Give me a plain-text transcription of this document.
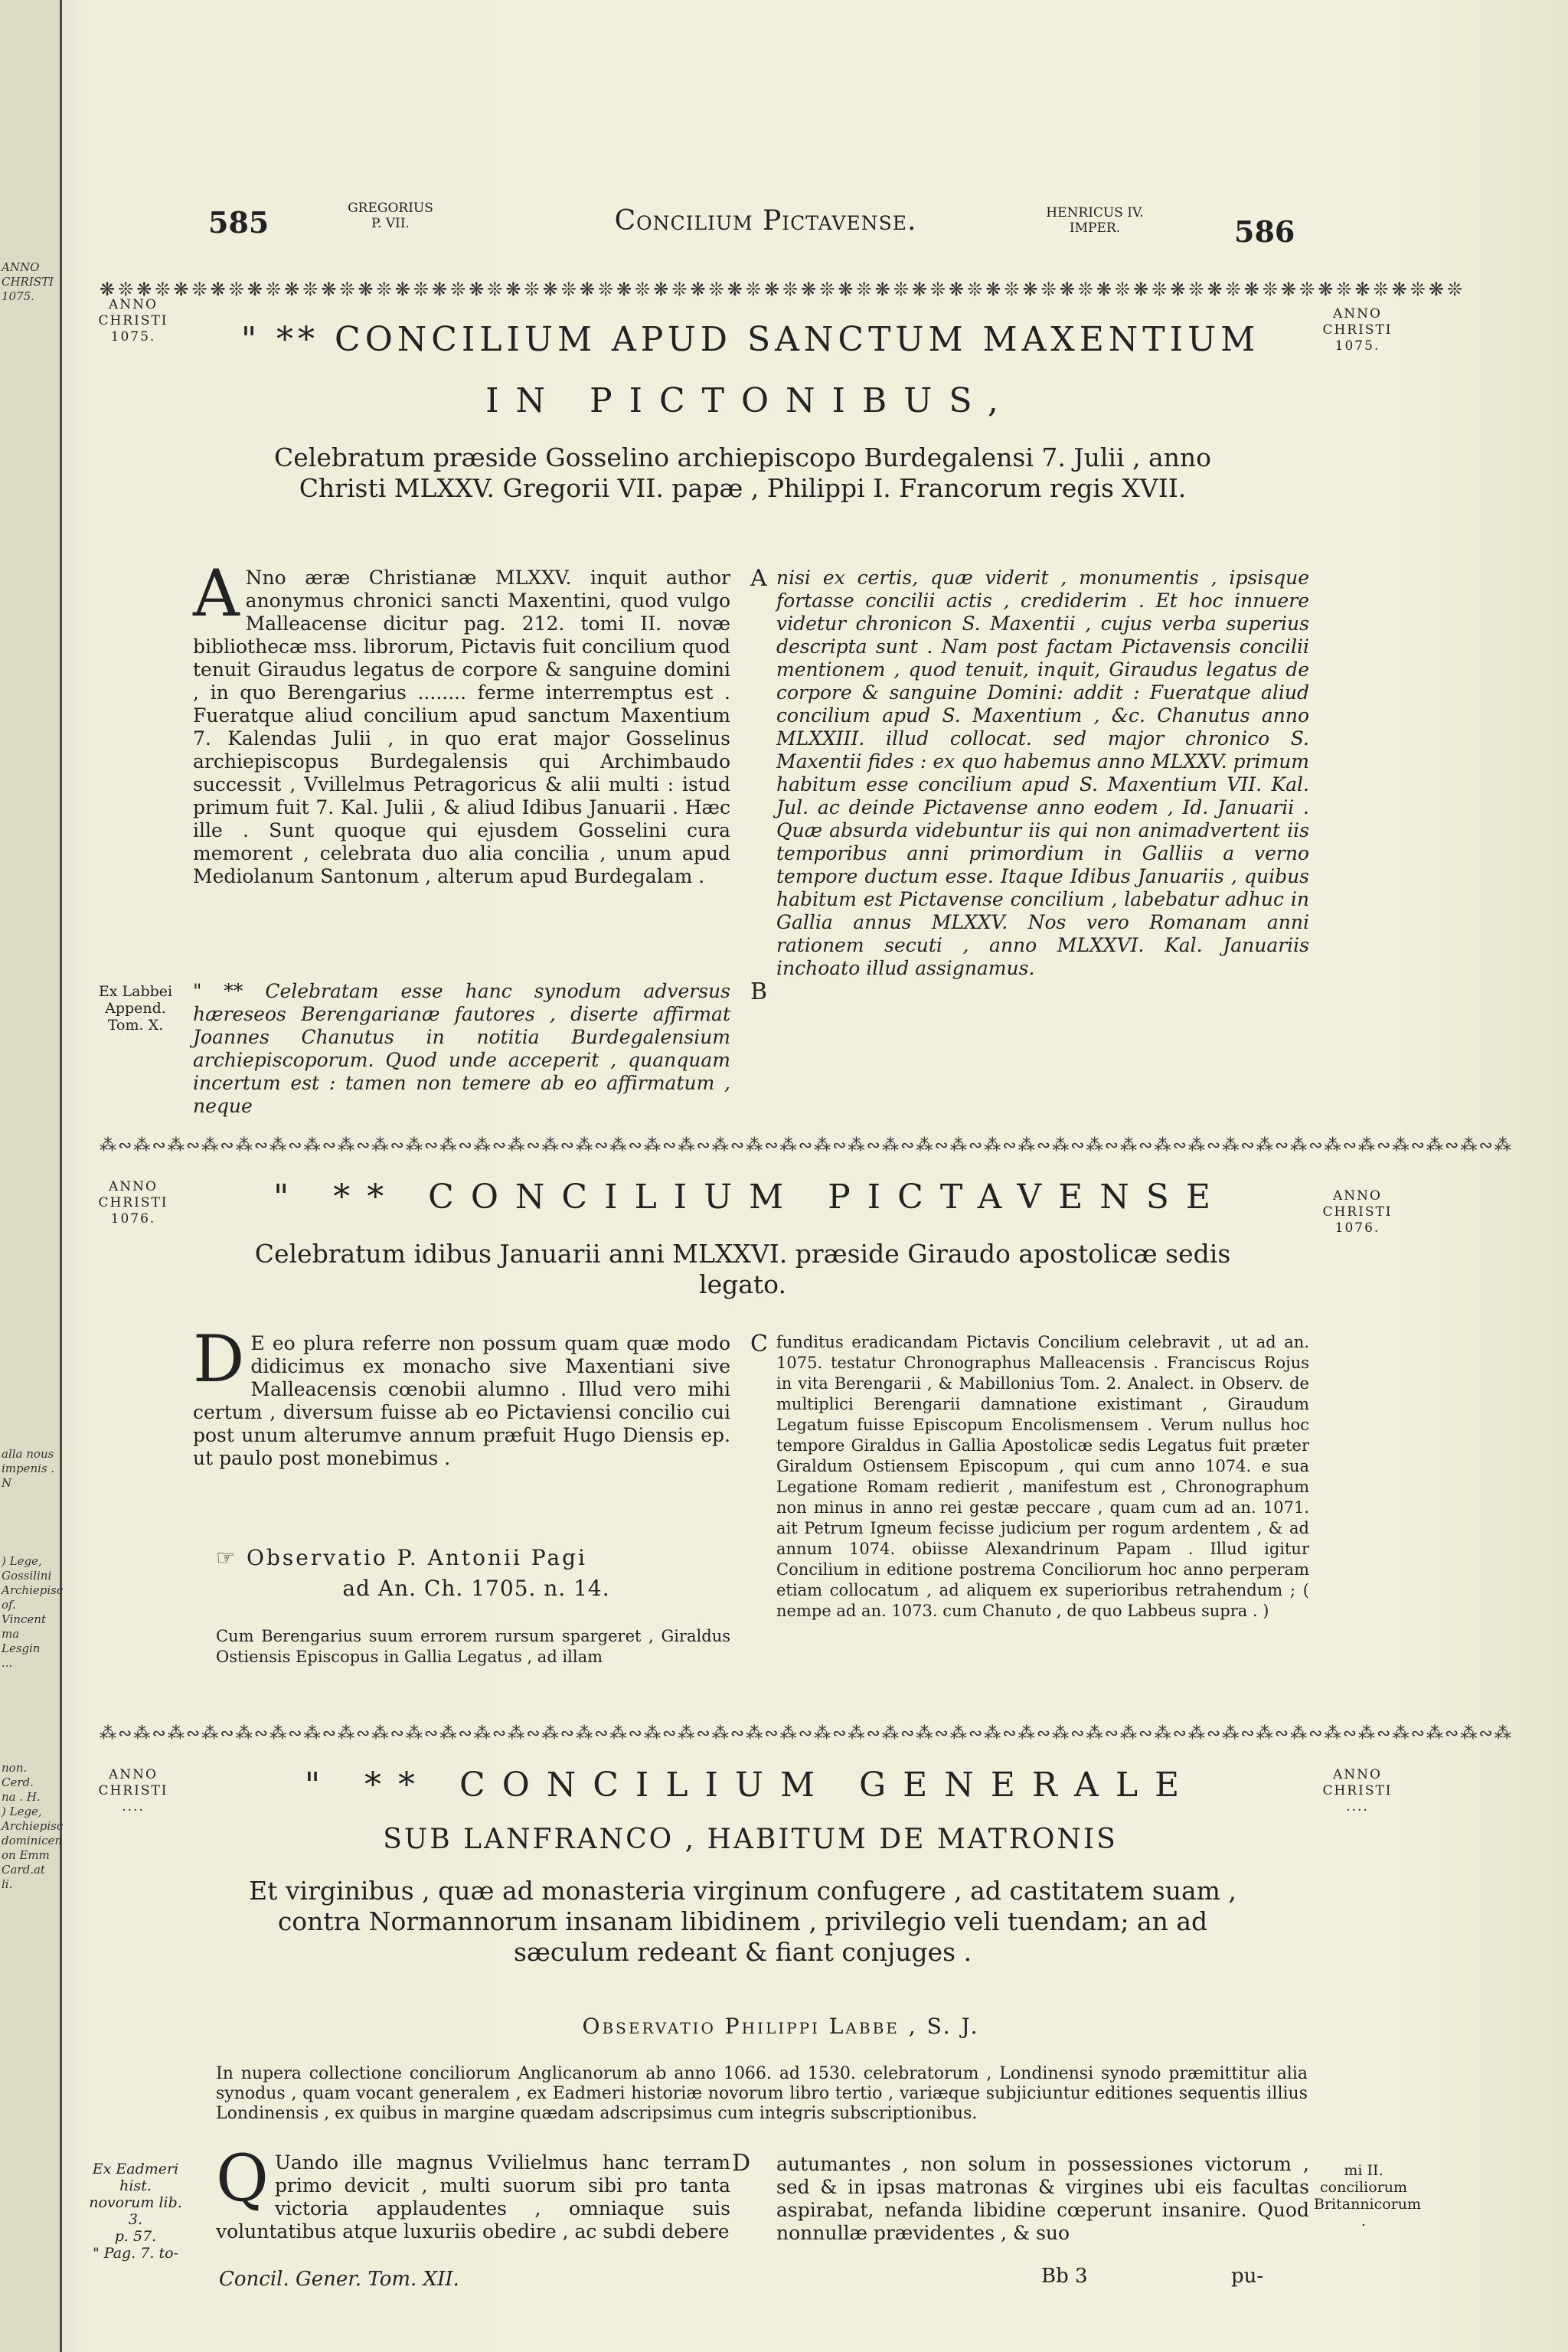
ANNO
CHRISTI
1075.
alla nous
impenis . N
) Lege,
Gossilini
Archiepisc
of. Vincent
ma Lesgin
...
non. Cerd.
na . H.
) Lege,
Archiepisc
dominicen
on Emm
Card.at
li.
585	GREGORIUS
P. VII.	Concilium Pictavense.	HENRICUS IV.
IMPER.	586
❋❊❋❊❋❊❋❊❋❊❋❊❋❊❋❊❋❊❋❊❋❊❋❊❋❊❋❊❋❊❋❊❋❊❋❊❋❊❋❊❋❊❋❊❋❊❋❊❋❊❋❊❋❊❋❊❋❊❋❊❋❊❋❊❋❊❋❊❋❊❋❊❋❊
ANNO
CHRISTI
1075.
ANNO
CHRISTI
1075.
" ** CONCILIUM APUD SANCTUM MAXENTIUM
IN PICTONIBUS,
Celebratum præside Gosselino archiepiscopo Burdegalensi 7. Julii , anno Christi MLXXV. Gregorii VII. papæ , Philippi I. Francorum regis XVII.
A Nno æræ Christianæ MLXXV. inquit author anonymus chronici sancti Maxentini, quod vulgo Malleacense dicitur pag. 212. tomi II. novæ bibliothecæ mss. librorum, Pictavis fuit concilium quod tenuit Giraudus legatus de corpore & sanguine domini , in quo Berengarius ........ ferme interremptus est . Fueratque aliud concilium apud sanctum Maxentium 7. Kalendas Julii , in quo erat major Gosselinus archiepiscopus Burdegalensis qui Archimbaudo successit , Vvillelmus Petragoricus & alii multi : istud primum fuit 7. Kal. Julii , & aliud Idibus Januarii . Hæc ille . Sunt quoque qui ejusdem Gosselini cura memorent , celebrata duo alia concilia , unum apud Mediolanum Santonum , alterum apud Burdegalam .
" ** Celebratam esse hanc synodum adversus hæreseos Berengarianæ fautores , diserte affirmat Joannes Chanutus in notitia Burdegalensium archiepiscoporum. Quod unde acceperit , quanquam incertum est : tamen non temere ab eo affirmatum , neque
A
B
nisi ex certis, quæ viderit , monumentis , ipsisque fortasse concilii actis , crediderim . Et hoc innuere videtur chronicon S. Maxentii , cujus verba superius descripta sunt . Nam post factam Pictavensis concilii mentionem , quod tenuit, inquit, Giraudus legatus de corpore & sanguine Domini: addit : Fueratque aliud concilium apud S. Maxentium , &c. Chanutus anno MLXXIII. illud collocat. sed major chronico S. Maxentii fides : ex quo habemus anno MLXXV. primum habitum esse concilium apud S. Maxentium VII. Kal. Jul. ac deinde Pictavense anno eodem , Id. Januarii . Quæ absurda videbuntur iis qui non animadvertent iis temporibus anni primordium in Galliis a verno tempore ductum esse. Itaque Idibus Januariis , quibus habitum est Pictavense concilium , labebatur adhuc in Gallia annus MLXXV. Nos vero Romanam anni rationem secuti , anno MLXXVI. Kal. Januariis inchoato illud assignamus.
Ex Labbei
Append.
Tom. X.
⁂∾⁂∾⁂∾⁂∾⁂∾⁂∾⁂∾⁂∾⁂∾⁂∾⁂∾⁂∾⁂∾⁂∾⁂∾⁂∾⁂∾⁂∾⁂∾⁂∾⁂∾⁂∾⁂∾⁂∾⁂∾⁂∾⁂∾⁂∾⁂∾⁂∾⁂∾⁂∾⁂∾⁂∾⁂∾⁂∾⁂∾⁂∾⁂∾⁂∾⁂∾⁂
ANNO
CHRISTI
1076.
ANNO
CHRISTI
1076.
" ** CONCILIUM PICTAVENSE
Celebratum idibus Januarii anni MLXXVI. præside Giraudo apostolicæ sedis legato.
D E eo plura referre non possum quam quæ modo didicimus ex monacho sive Maxentiani sive Malleacensis cœnobii alumno . Illud vero mihi certum , diversum fuisse ab eo Pictaviensi concilio cui post unum alterumve annum præfuit Hugo Diensis ep. ut paulo post monebimus .
☞ Observatio P. Antonii Pagi
ad An. Ch. 1705. n. 14.
Cum Berengarius suum errorem rursum spargeret , Giraldus Ostiensis Episcopus in Gallia Legatus , ad illam
C funditus eradicandam Pictavis Concilium celebravit , ut ad an. 1075. testatur Chronographus Malleacensis . Franciscus Rojus in vita Berengarii , & Mabillonius Tom. 2. Analect. in Observ. de multiplici Berengarii damnatione existimant , Giraudum Legatum fuisse Episcopum Encolismensem . Verum nullus hoc tempore Giraldus in Gallia Apostolicæ sedis Legatus fuit præter Giraldum Ostiensem Episcopum , qui cum anno 1074. e sua Legatione Romam redierit , manifestum est , Chronographum non minus in anno rei gestæ peccare , quam cum ad an. 1071. ait Petrum Igneum fecisse judicium per rogum ardentem , & ad annum 1074. obiisse Alexandrinum Papam . Illud igitur Concilium in editione postrema Conciliorum hoc anno perperam etiam collocatum , ad aliquem ex superioribus retrahendum ; ( nempe ad an. 1073. cum Chanuto , de quo Labbeus supra . )
⁂∾⁂∾⁂∾⁂∾⁂∾⁂∾⁂∾⁂∾⁂∾⁂∾⁂∾⁂∾⁂∾⁂∾⁂∾⁂∾⁂∾⁂∾⁂∾⁂∾⁂∾⁂∾⁂∾⁂∾⁂∾⁂∾⁂∾⁂∾⁂∾⁂∾⁂∾⁂∾⁂∾⁂∾⁂∾⁂∾⁂∾⁂∾⁂∾⁂∾⁂∾⁂
ANNO
CHRISTI
....
ANNO
CHRISTI
....
" ** CONCILIUM GENERALE
SUB LANFRANCO , HABITUM DE MATRONIS
Et virginibus , quæ ad monasteria virginum confugere , ad castitatem suam , contra Normannorum insanam libidinem , privilegio veli tuendam; an ad sæculum redeant & fiant conjuges .
Observatio Philippi Labbe , S. J.
In nupera collectione conciliorum Anglicanorum ab anno 1066. ad 1530. celebratorum , Londinensi synodo præmittitur alia synodus , quam vocant generalem , ex Eadmeri historiæ novorum libro tertio , variæque subjiciuntur editiones sequentis illius Londinensis , ex quibus in margine quædam adscripsimus cum integris subscriptionibus.
Q Uando ille magnus Vvilielmus hanc terram primo devicit , multi suorum sibi pro tanta victoria applaudentes , omniaque suis voluntatibus atque luxuriis obedire , ac subdi debere
D autumantes , non solum in possessiones victorum , sed & in ipsas matronas & virgines ubi eis facultas aspirabat, nefanda libidine cœperunt insanire. Quod nonnullæ prævidentes , & suo
Ex Eadmeri
hist. novorum lib. 3.
p. 57.
" Pag. 7. to-
mi II. conciliorum
Britannicorum .
Concil. Gener. Tom. XII.	Bb 3	pu-
